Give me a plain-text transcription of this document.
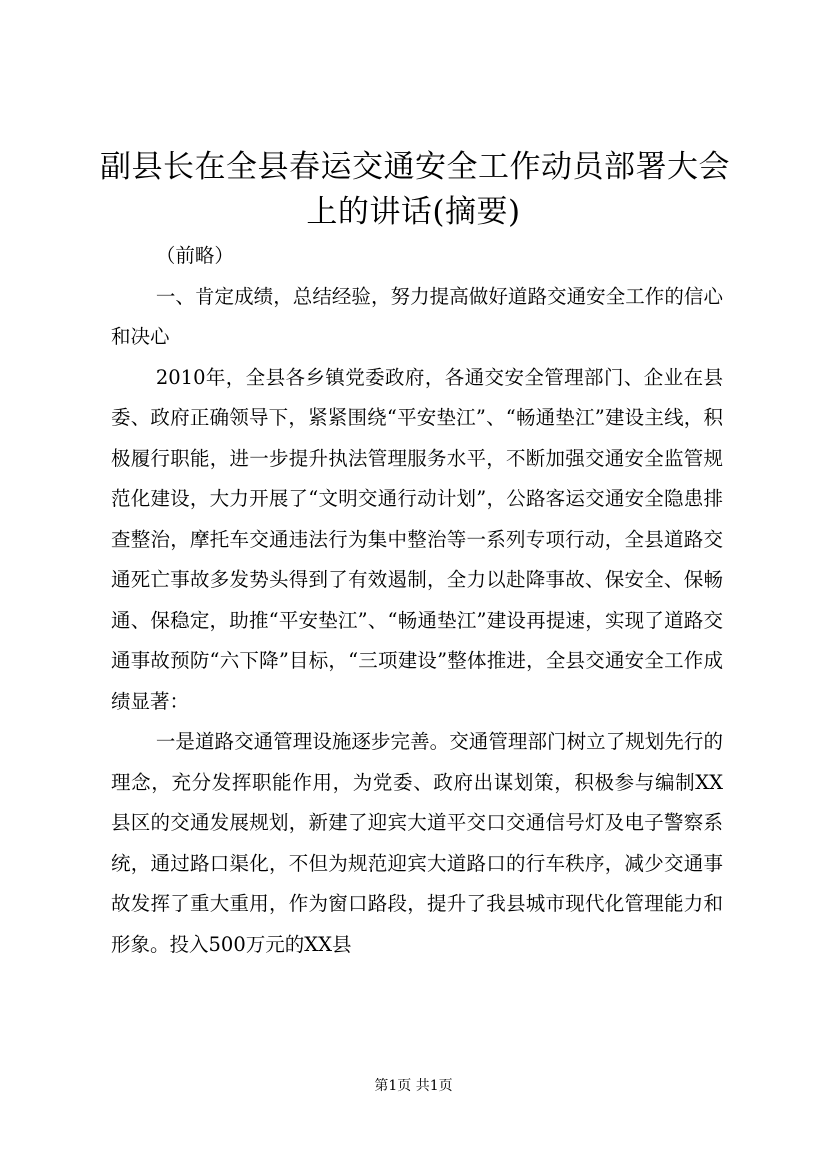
副县长在全县春运交通安全工作动员部署大会
上的讲话(摘要)

（前略）

一、肯定成绩，总结经验，努力提高做好道路交通安全工作的信心和决心

2010年，全县各乡镇党委政府，各通交安全管理部门、企业在县委、政府正确领导下，紧紧围绕“平安垫江”、“畅通垫江”建设主线，积极履行职能，进一步提升执法管理服务水平，不断加强交通安全监管规范化建设，大力开展了“文明交通行动计划”，公路客运交通安全隐患排查整治，摩托车交通违法行为集中整治等一系列专项行动，全县道路交通死亡事故多发势头得到了有效遏制，全力以赴降事故、保安全、保畅通、保稳定，助推“平安垫江”、“畅通垫江”建设再提速，实现了道路交通事故预防“六下降”目标，“三项建设”整体推进，全县交通安全工作成绩显著：

一是道路交通管理设施逐步完善。交通管理部门树立了规划先行的理念，充分发挥职能作用，为党委、政府出谋划策，积极参与编制XX县区的交通发展规划，新建了迎宾大道平交口交通信号灯及电子警察系统，通过路口渠化，不但为规范迎宾大道路口的行车秩序，减少交通事故发挥了重大重用，作为窗口路段，提升了我县城市现代化管理能力和形象。投入500万元的XX县

第1页 共1页
